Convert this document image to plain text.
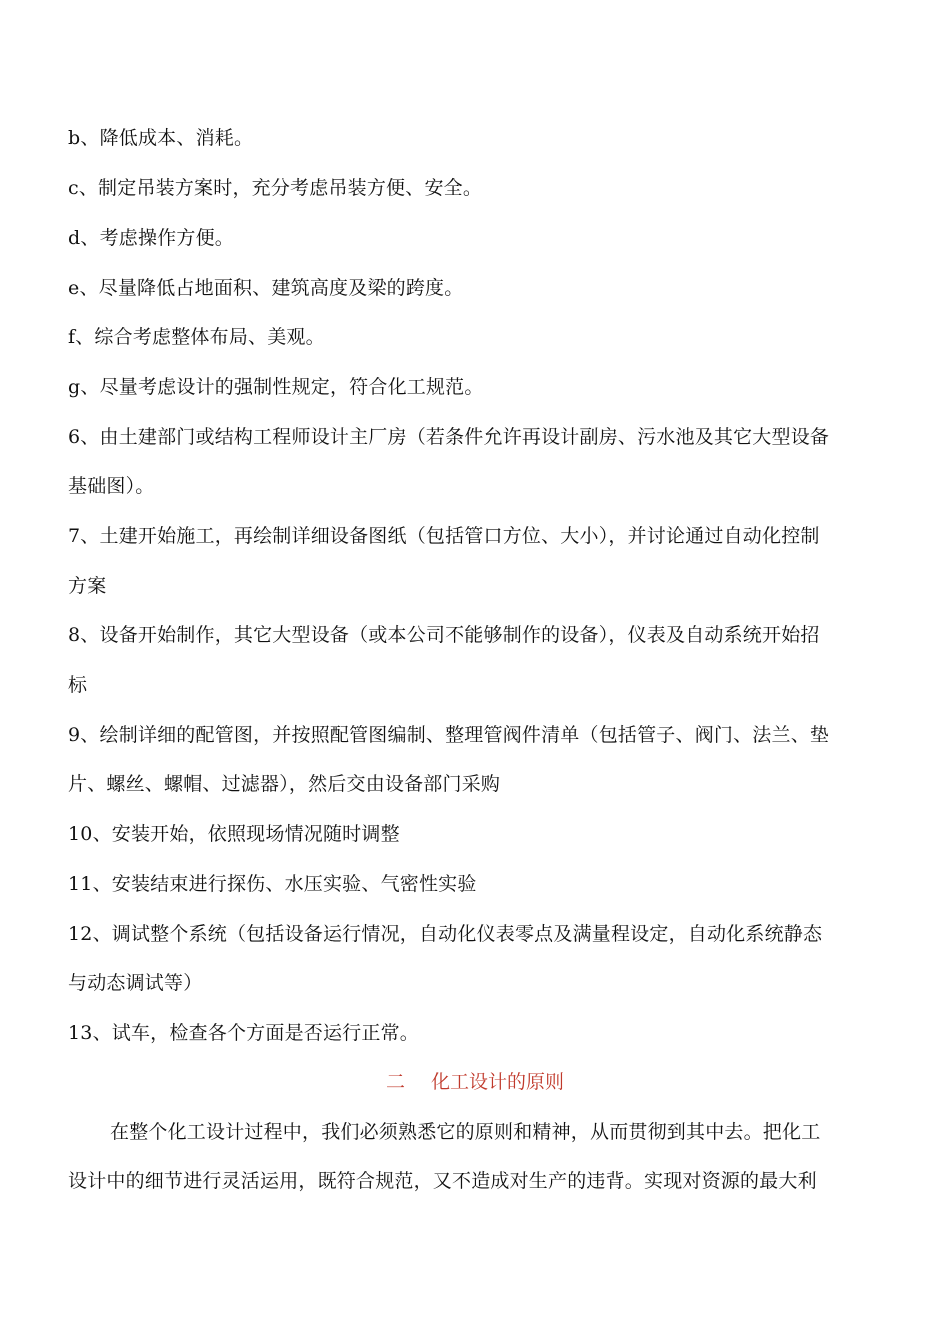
b、降低成本、消耗。
c、制定吊装方案时，充分考虑吊装方便、安全。
d、考虑操作方便。
e、尽量降低占地面积、建筑高度及梁的跨度。
f、综合考虑整体布局、美观。
g、尽量考虑设计的强制性规定，符合化工规范。
6、由土建部门或结构工程师设计主厂房（若条件允许再设计副房、污水池及其它大型设备
基础图）。
7、土建开始施工，再绘制详细设备图纸（包括管口方位、大小），并讨论通过自动化控制
方案
8、设备开始制作，其它大型设备（或本公司不能够制作的设备），仪表及自动系统开始招
标
9、绘制详细的配管图，并按照配管图编制、整理管阀件清单（包括管子、阀门、法兰、垫
片、螺丝、螺帽、过滤器），然后交由设备部门采购
10、安装开始，依照现场情况随时调整
11、安装结束进行探伤、水压实验、气密性实验
12、调试整个系统（包括设备运行情况，自动化仪表零点及满量程设定，自动化系统静态
与动态调试等）
13、试车，检查各个方面是否运行正常。
二 化工设计的原则
在整个化工设计过程中，我们必须熟悉它的原则和精神，从而贯彻到其中去。把化工
设计中的细节进行灵活运用，既符合规范，又不造成对生产的违背。实现对资源的最大利
